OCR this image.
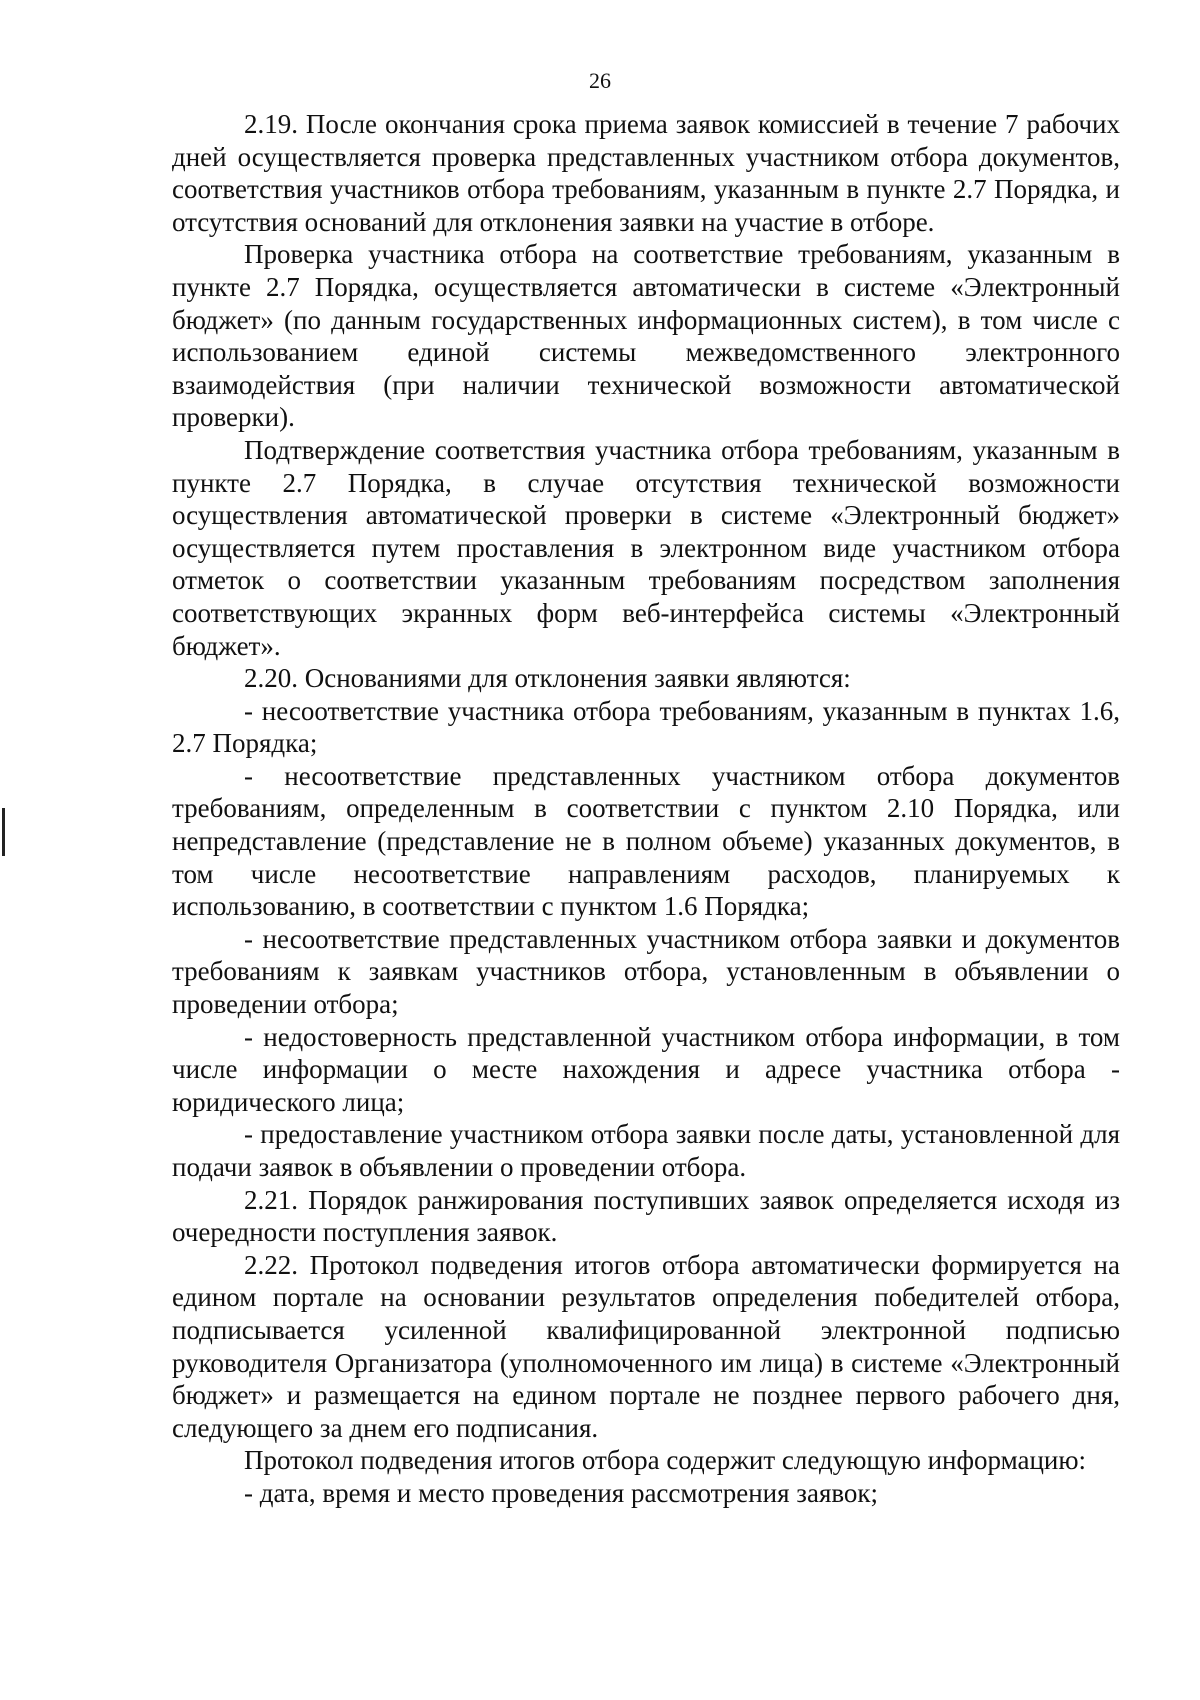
26

2.19. После окончания срока приема заявок комиссией в течение 7 рабочих дней осуществляется проверка представленных участником отбора документов, соответствия участников отбора требованиям, указанным в пункте 2.7 Порядка, и отсутствия оснований для отклонения заявки на участие в отборе.

Проверка участника отбора на соответствие требованиям, указанным в пункте 2.7 Порядка, осуществляется автоматически в системе «Электронный бюджет» (по данным государственных информационных систем), в том числе с использованием единой системы межведомственного электронного взаимодействия (при наличии технической возможности автоматической проверки).

Подтверждение соответствия участника отбора требованиям, указанным в пункте 2.7 Порядка, в случае отсутствия технической возможности осуществления автоматической проверки в системе «Электронный бюджет» осуществляется путем проставления в электронном виде участником отбора отметок о соответствии указанным требованиям посредством заполнения соответствующих экранных форм веб-интерфейса системы «Электронный бюджет».

2.20. Основаниями для отклонения заявки являются:

- несоответствие участника отбора требованиям, указанным в пунктах 1.6, 2.7 Порядка;

- несоответствие представленных участником отбора документов требованиям, определенным в соответствии с пунктом 2.10 Порядка, или непредставление (представление не в полном объеме) указанных документов, в том числе несоответствие направлениям расходов, планируемых к использованию, в соответствии с пунктом 1.6 Порядка;

- несоответствие представленных участником отбора заявки и документов требованиям к заявкам участников отбора, установленным в объявлении о проведении отбора;

- недостоверность представленной участником отбора информации, в том числе информации о месте нахождения и адресе участника отбора - юридического лица;

- предоставление участником отбора заявки после даты, установленной для подачи заявок в объявлении о проведении отбора.

2.21. Порядок ранжирования поступивших заявок определяется исходя из очередности поступления заявок.

2.22. Протокол подведения итогов отбора автоматически формируется на едином портале на основании результатов определения победителей отбора, подписывается усиленной квалифицированной электронной подписью руководителя Организатора (уполномоченного им лица) в системе «Электронный бюджет» и размещается на едином портале не позднее первого рабочего дня, следующего за днем его подписания.

Протокол подведения итогов отбора содержит следующую информацию:

- дата, время и место проведения рассмотрения заявок;
